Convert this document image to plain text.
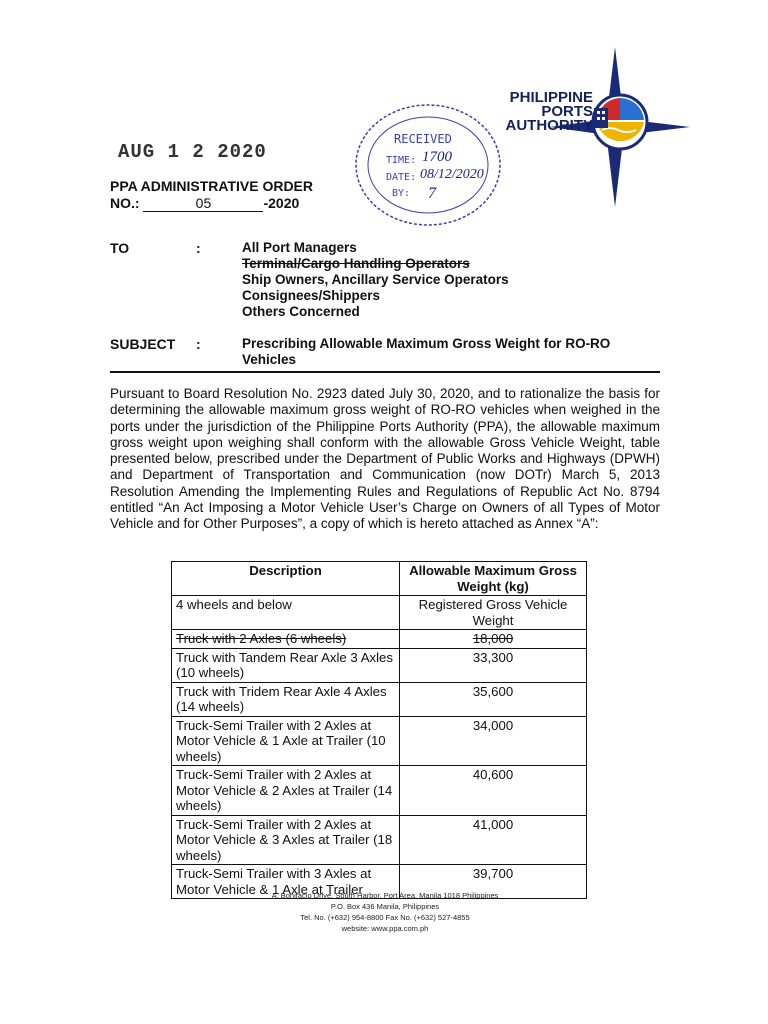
PHILIPPINE
PORTS
AUTHORITY
RECEIVED
TIME: 1700
DATE: 08/12/2020
BY: 7
AUG 1 2 2020
PPA ADMINISTRATIVE ORDER
NO.:	05	-2020
TO	:	All Port Managers
Terminal/Cargo Handling Operators
Ship Owners, Ancillary Service Operators
Consignees/Shippers
Others Concerned
SUBJECT :	Prescribing Allowable Maximum Gross Weight for RO-RO Vehicles
Pursuant to Board Resolution No. 2923 dated July 30, 2020, and to rationalize the basis for determining the allowable maximum gross weight of RO-RO vehicles when weighed in the ports under the jurisdiction of the Philippine Ports Authority (PPA), the allowable maximum gross weight upon weighing shall conform with the allowable Gross Vehicle Weight, table presented below, prescribed under the Department of Public Works and Highways (DPWH) and Department of Transportation and Communication (now DOTr) March 5, 2013 Resolution Amending the Implementing Rules and Regulations of Republic Act No. 8794 entitled “An Act Imposing a Motor Vehicle User’s Charge on Owners of all Types of Motor Vehicle and for Other Purposes”, a copy of which is hereto attached as Annex “A”:
Description	Allowable Maximum Gross Weight (kg)
4 wheels and below	Registered Gross Vehicle Weight
Truck with 2 Axles (6 wheels)	18,000
Truck with Tandem Rear Axle 3 Axles (10 wheels)	33,300
Truck with Tridem Rear Axle 4 Axles (14 wheels)	35,600
Truck-Semi Trailer with 2 Axles at Motor Vehicle & 1 Axle at Trailer (10 wheels)	34,000
Truck-Semi Trailer with 2 Axles at Motor Vehicle & 2 Axles at Trailer (14 wheels)	40,600
Truck-Semi Trailer with 2 Axles at Motor Vehicle & 3 Axles at Trailer (18 wheels)	41,000
Truck-Semi Trailer with 3 Axles at Motor Vehicle & 1 Axle at Trailer	39,700
A. Bonifacio Drive, South Harbor, Port Area, Manila 1018 Philippines
P.O. Box 436 Manila, Philippines
Tel. No. (+632) 954-8800 Fax No. (+632) 527-4855
website: www.ppa.com.ph
